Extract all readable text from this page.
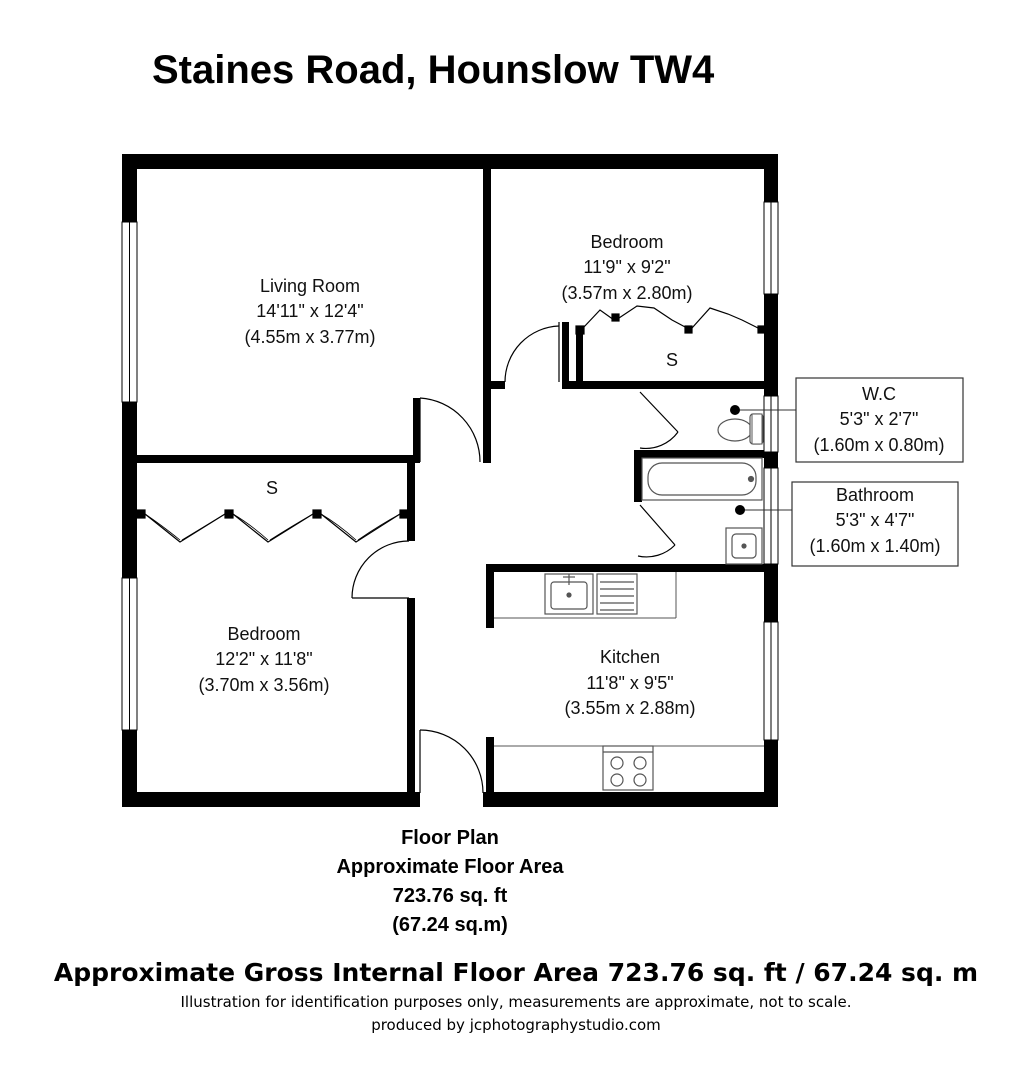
Staines Road, Hounslow TW4
Living Room
14'11" x 12'4"
(4.55m x 3.77m)
Bedroom
11'9" x 9'2"
(3.57m x 2.80m)
Bedroom
12'2" x 11'8"
(3.70m x 3.56m)
Kitchen
11'8" x 9'5"
(3.55m x 2.88m)
W.C
5'3" x 2'7"
(1.60m x 0.80m)
Bathroom
5'3" x 4'7"
(1.60m x 1.40m)
S
S
Floor Plan
Approximate Floor Area
723.76 sq. ft
(67.24 sq.m)
Approximate Gross Internal Floor Area 723.76 sq. ft / 67.24 sq. m
Illustration for identification purposes only, measurements are approximate, not to scale.
produced by jcphotographystudio.com
